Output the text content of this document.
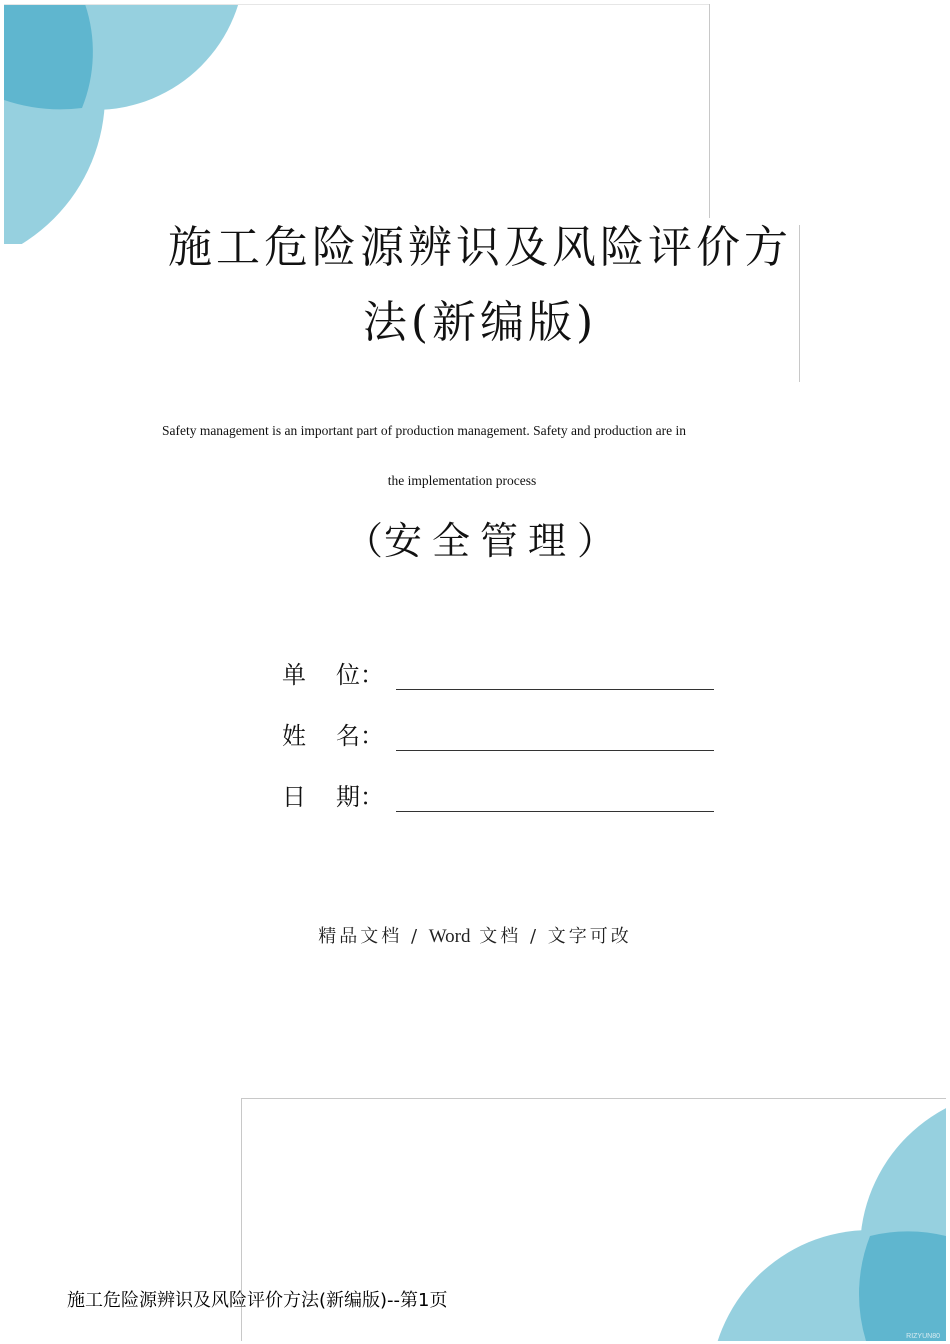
施工危险源辨识及风险评价方
法(新编版)
Safety management is an important part of production management. Safety and production are in
the implementation process
（ 安全管理 ）
单 位：
姓 名：
日 期：
精品文档 / Word 文档 / 文字可改
施工危险源辨识及风险评价方法(新编版)--第1页
RIZYUN80
